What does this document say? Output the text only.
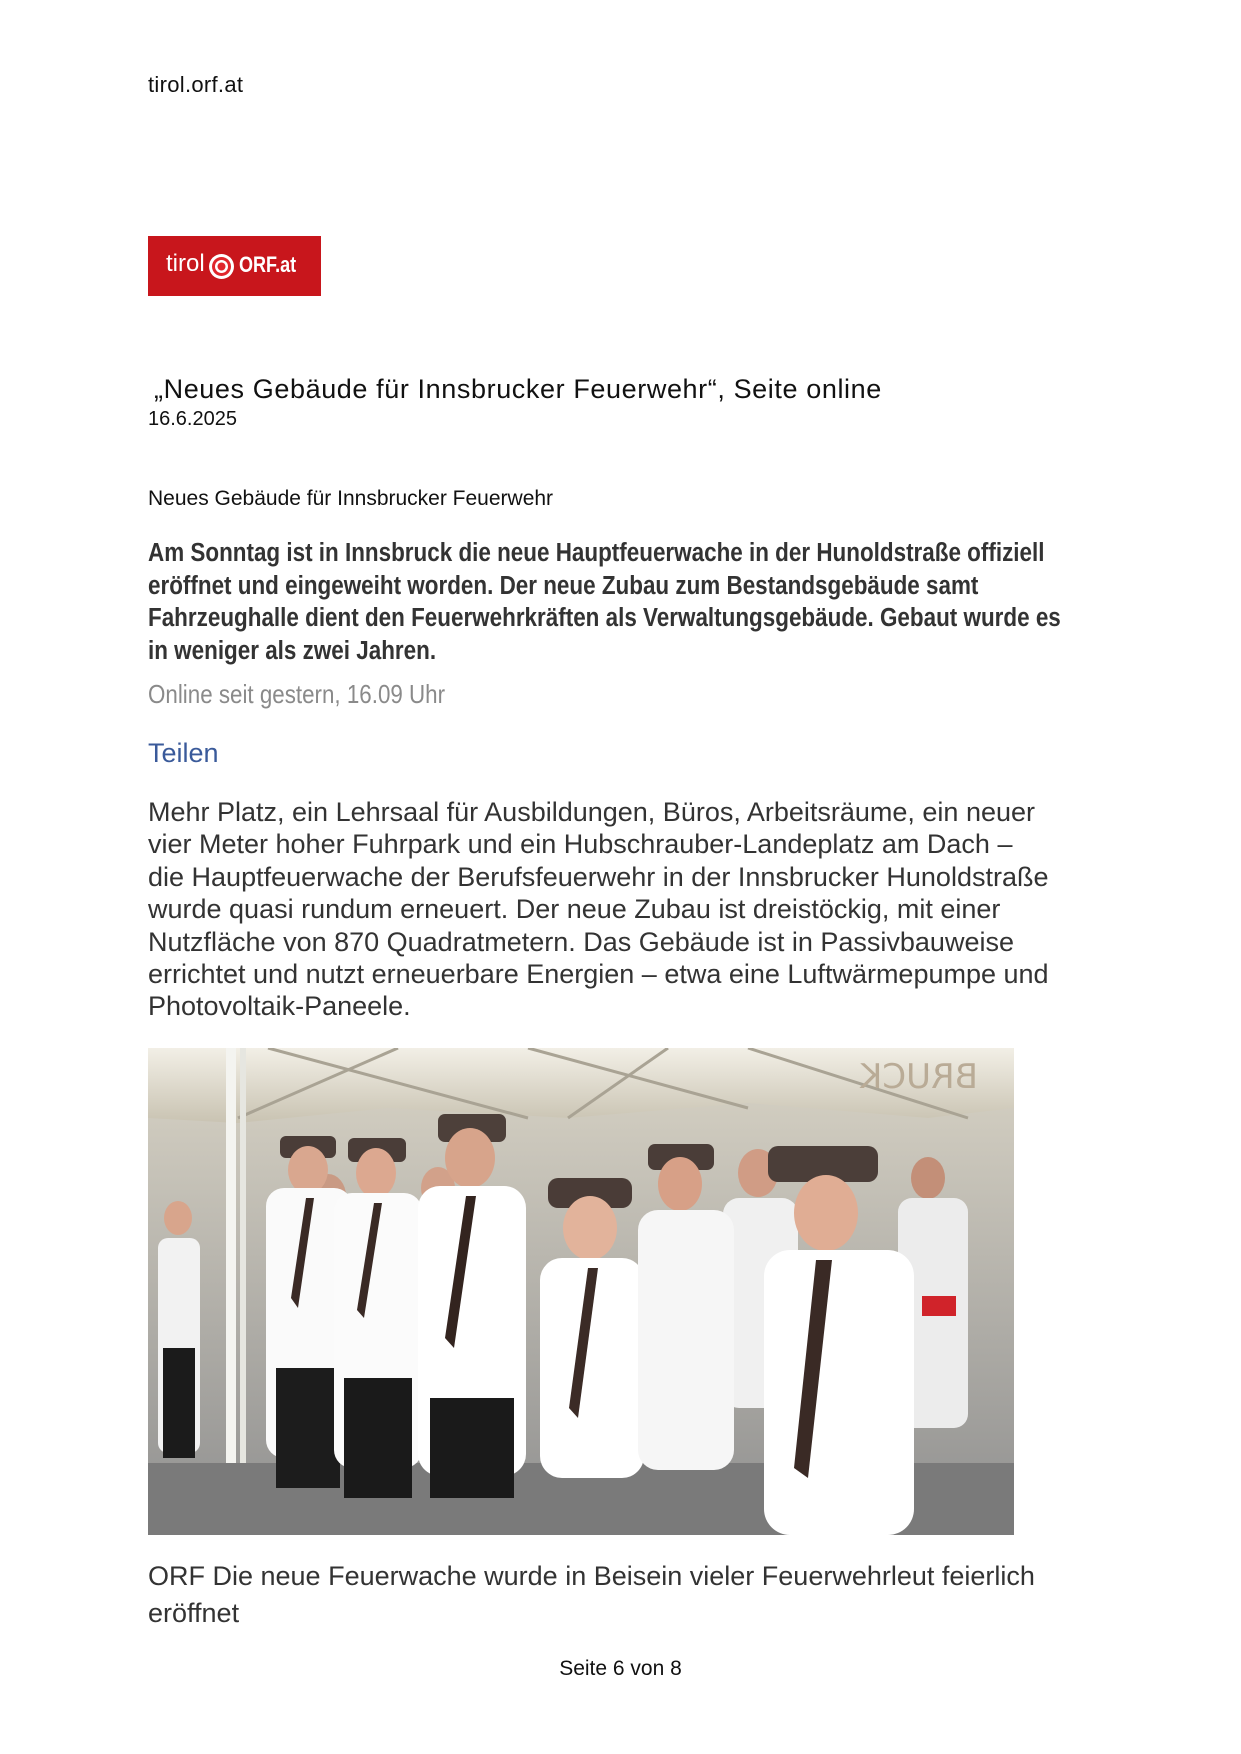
tirol.orf.at
tirol ORF.at
„Neues Gebäude für Innsbrucker Feuerwehr“, Seite online
16.6.2025
Neues Gebäude für Innsbrucker Feuerwehr
Am Sonntag ist in Innsbruck die neue Hauptfeuerwache in der Hunoldstraße offiziell
eröffnet und eingeweiht worden. Der neue Zubau zum Bestandsgebäude samt
Fahrzeughalle dient den Feuerwehrkräften als Verwaltungsgebäude. Gebaut wurde es
in weniger als zwei Jahren.
Online seit gestern, 16.09 Uhr
Teilen

Mehr Platz, ein Lehrsaal für Ausbildungen, Büros, Arbeitsräume, ein neuer
vier Meter hoher Fuhrpark und ein Hubschrauber-Landeplatz am Dach –
die Hauptfeuerwache der Berufsfeuerwehr in der Innsbrucker Hunoldstraße
wurde quasi rundum erneuert. Der neue Zubau ist dreistöckig, mit einer
Nutzfläche von 870 Quadratmetern. Das Gebäude ist in Passivbauweise
errichtet und nutzt erneuerbare Energien – etwa eine Luftwärmepumpe und
Photovoltaik-Paneele.

BRUCK

ORF Die neue Feuerwache wurde in Beisein vieler Feuerwehrleut feierlich
eröffnet

Seite 6 von 8
